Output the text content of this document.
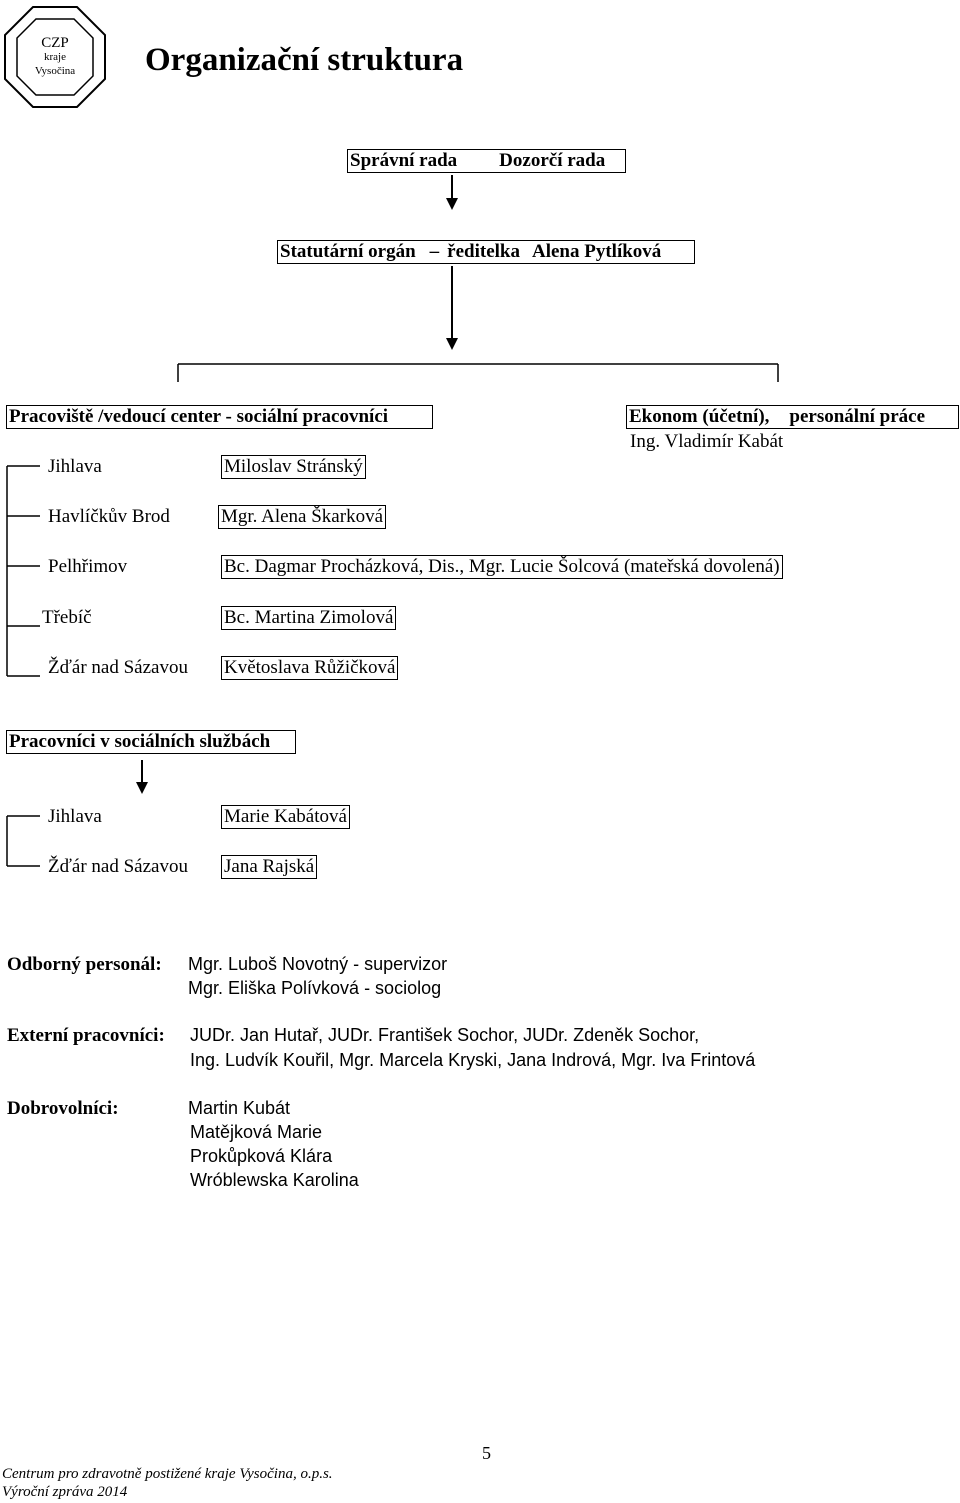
CZP
kraje
Vysočina	Organizační struktura
Správní rada Dozorčí rada
Statutární orgán – ředitelka Alena Pytlíková
Pracoviště /vedoucí center - sociální pracovníci	Ekonom (účetní), personální práce
Ing. Vladimír Kabát
Jihlava	Miloslav Stránský
Havlíčkův Brod	Mgr. Alena Škarková
Pelhřimov	Bc. Dagmar Procházková, Dis., Mgr. Lucie Šolcová (mateřská dovolená)
Třebíč	Bc. Martina Zimolová
Žďár nad Sázavou Květoslava Růžičková
Pracovníci v sociálních službách
Jihlava	Marie Kabátová
Žďár nad Sázavou Jana Rajská
Odborný personál: Mgr. Luboš Novotný - supervizor
Mgr. Eliška Polívková - sociolog
Externí pracovníci: JUDr. Jan Hutař, JUDr. František Sochor, JUDr. Zdeněk Sochor,
Ing. Ludvík Kouřil, Mgr. Marcela Kryski, Jana Indrová, Mgr. Iva Frintová
Dobrovolníci:	Martin Kubát
Matějková Marie
Prokůpková Klára
Wróblewska Karolina
5
Centrum pro zdravotně postižené kraje Vysočina, o.p.s.
Výroční zpráva 2014
